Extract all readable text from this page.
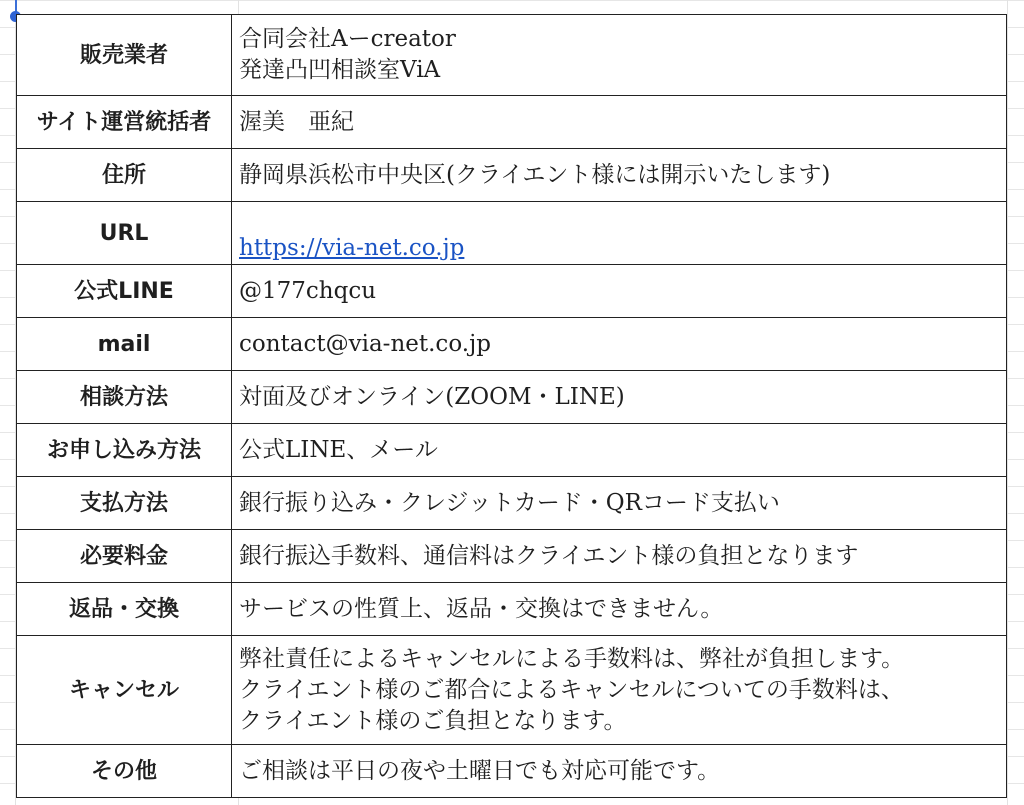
販売業者	合同会社Aーcreator
発達凸凹相談室ViA
サイト運営統括者	渥美　亜紀
住所	静岡県浜松市中央区(クライエント様には開示いたします)
URL	https://via-net.co.jp

公式LINE	@177chqcu
mail	contact@via-net.co.jp
相談方法	対面及びオンライン(ZOOM・LINE)
お申し込み方法	公式LINE、メール
支払方法	銀行振り込み・クレジットカード・QRコード支払い
必要料金	銀行振込手数料、通信料はクライエント様の負担となります
返品・交換	サービスの性質上、返品・交換はできません。
キャンセル	弊社責任によるキャンセルによる手数料は、弊社が負担します。
クライエント様のご都合によるキャンセルについての手数料は、
クライエント様のご負担となります。
その他	ご相談は平日の夜や土曜日でも対応可能です。
